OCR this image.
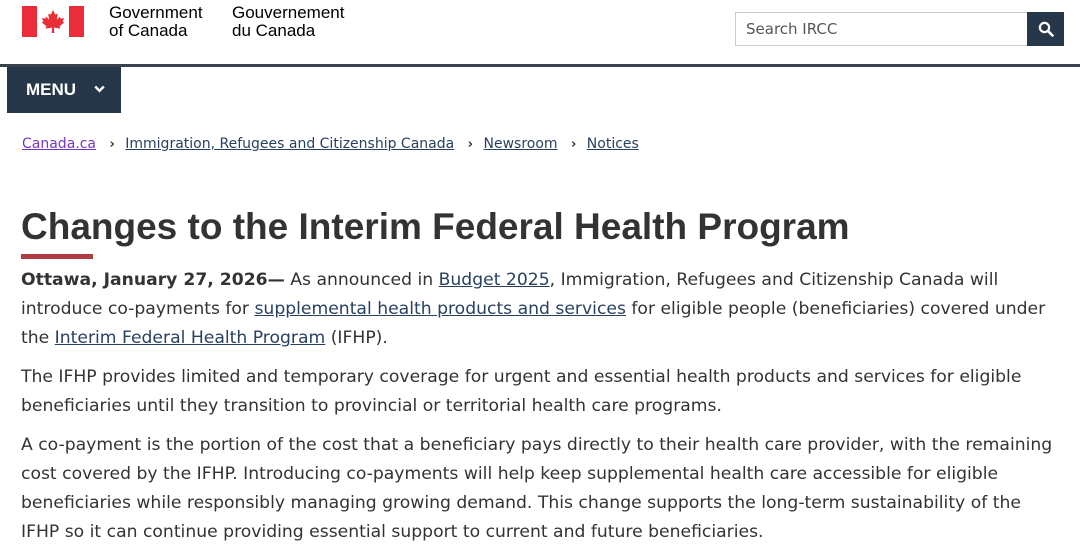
Government
of Canada
Gouvernement
du Canada
Search IRCC
MENU
Canada.ca › Immigration, Refugees and Citizenship Canada › Newsroom › Notices
Changes to the Interim Federal Health Program

Ottawa, January 27, 2026— As announced in Budget 2025, Immigration, Refugees and Citizenship Canada will introduce co-payments for supplemental health products and services for eligible people (beneficiaries) covered under the Interim Federal Health Program (IFHP).

The IFHP provides limited and temporary coverage for urgent and essential health products and services for eligible beneficiaries until they transition to provincial or territorial health care programs.

A co-payment is the portion of the cost that a beneficiary pays directly to their health care provider, with the remaining cost covered by the IFHP. Introducing co-payments will help keep supplemental health care accessible for eligible beneficiaries while responsibly managing growing demand. This change supports the long-term sustainability of the IFHP so it can continue providing essential support to current and future beneficiaries.
